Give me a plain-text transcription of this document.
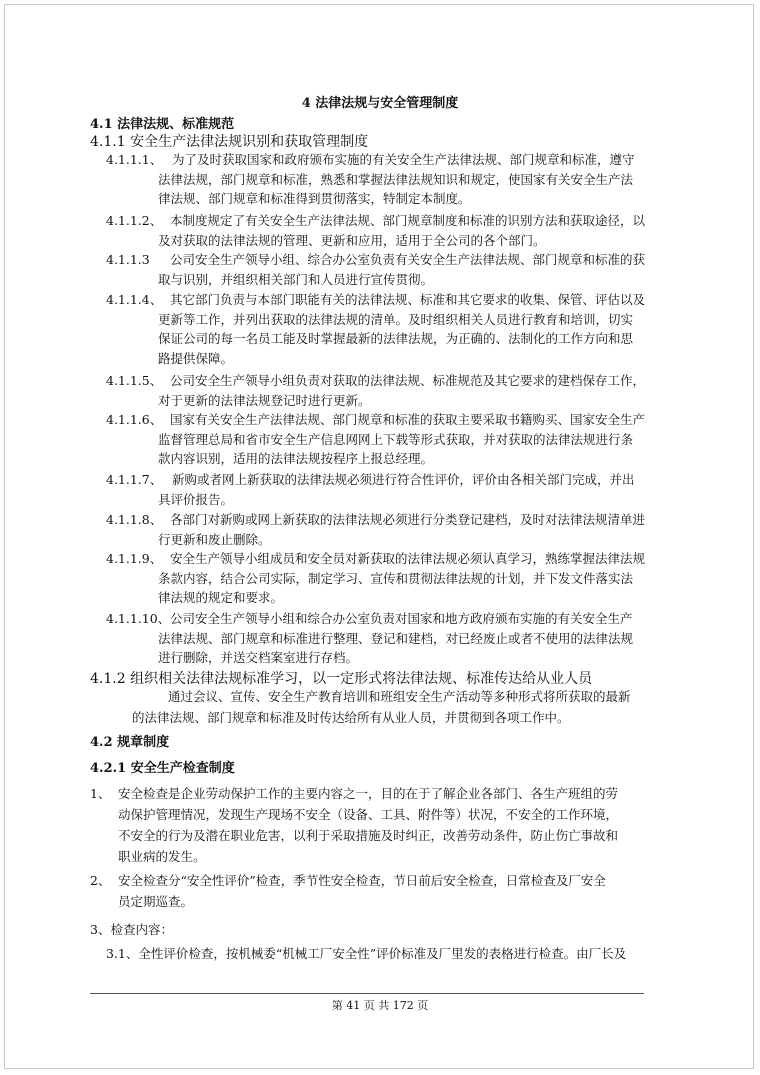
4 法律法规与安全管理制度
4.1 法律法规、标准规范
4.1.1 安全生产法律法规识别和获取管理制度
4.1.1.1、 为了及时获取国家和政府颁布实施的有关安全生产法律法规、部门规章和标准，遵守
法律法规，部门规章和标准，熟悉和掌握法律法规知识和规定，使国家有关安全生产法
律法规、部门规章和标准得到贯彻落实，特制定本制度。
4.1.1.2、 本制度规定了有关安全生产法律法规、部门规章制度和标准的识别方法和获取途径，以
及对获取的法律法规的管理、更新和应用，适用于全公司的各个部门。
4.1.1.3 公司安全生产领导小组、综合办公室负责有关安全生产法律法规、部门规章和标准的获
取与识别，并组织相关部门和人员进行宣传贯彻。
4.1.1.4、 其它部门负责与本部门职能有关的法律法规、标准和其它要求的收集、保管、评估以及
更新等工作，并列出获取的法律法规的清单。及时组织相关人员进行教育和培训，切实
保证公司的每一名员工能及时掌握最新的法律法规，为正确的、法制化的工作方向和思
路提供保障。
4.1.1.5、 公司安全生产领导小组负责对获取的法律法规、标准规范及其它要求的建档保存工作，
对于更新的法律法规登记时进行更新。
4.1.1.6、 国家有关安全生产法律法规、部门规章和标准的获取主要采取书籍购买、国家安全生产
监督管理总局和省市安全生产信息网网上下载等形式获取，并对获取的法律法规进行条
款内容识别，适用的法律法规按程序上报总经理。
4.1.1.7、 新购或者网上新获取的法律法规必须进行符合性评价，评价由各相关部门完成，并出
具评价报告。
4.1.1.8、 各部门对新购或网上新获取的法律法规必须进行分类登记建档，及时对法律法规清单进
行更新和废止删除。
4.1.1.9、 安全生产领导小组成员和安全员对新获取的法律法规必须认真学习，熟练掌握法律法规
条款内容，结合公司实际，制定学习、宣传和贯彻法律法规的计划，并下发文件落实法
律法规的规定和要求。
4.1.1.10、 公司安全生产领导小组和综合办公室负责对国家和地方政府颁布实施的有关安全生产
法律法规、部门规章和标准进行整理、登记和建档，对已经废止或者不使用的法律法规
进行删除，并送交档案室进行存档。
4.1.2 组织相关法律法规标准学习，以一定形式将法律法规、标准传达给从业人员
通过会议、宣传、安全生产教育培训和班组安全生产活动等多种形式将所获取的最新
的法律法规、部门规章和标准及时传达给所有从业人员，并贯彻到各项工作中。
4.2 规章制度
4.2.1 安全生产检查制度
1、 安全检查是企业劳动保护工作的主要内容之一，目的在于了解企业各部门、各生产班组的劳
动保护管理情况，发现生产现场不安全（设备、工具、附件等）状况，不安全的工作环境，
不安全的行为及潜在职业危害，以利于采取措施及时纠正，改善劳动条件，防止伤亡事故和
职业病的发生。
2、 安全检查分“安全性评价”检查，季节性安全检查，节日前后安全检查，日常检查及厂安全
员定期巡查。
3、检查内容：
3.1、全性评价检查，按机械委“机械工厂安全性”评价标准及厂里发的表格进行检查。由厂长及
第 41 页 共 172 页
